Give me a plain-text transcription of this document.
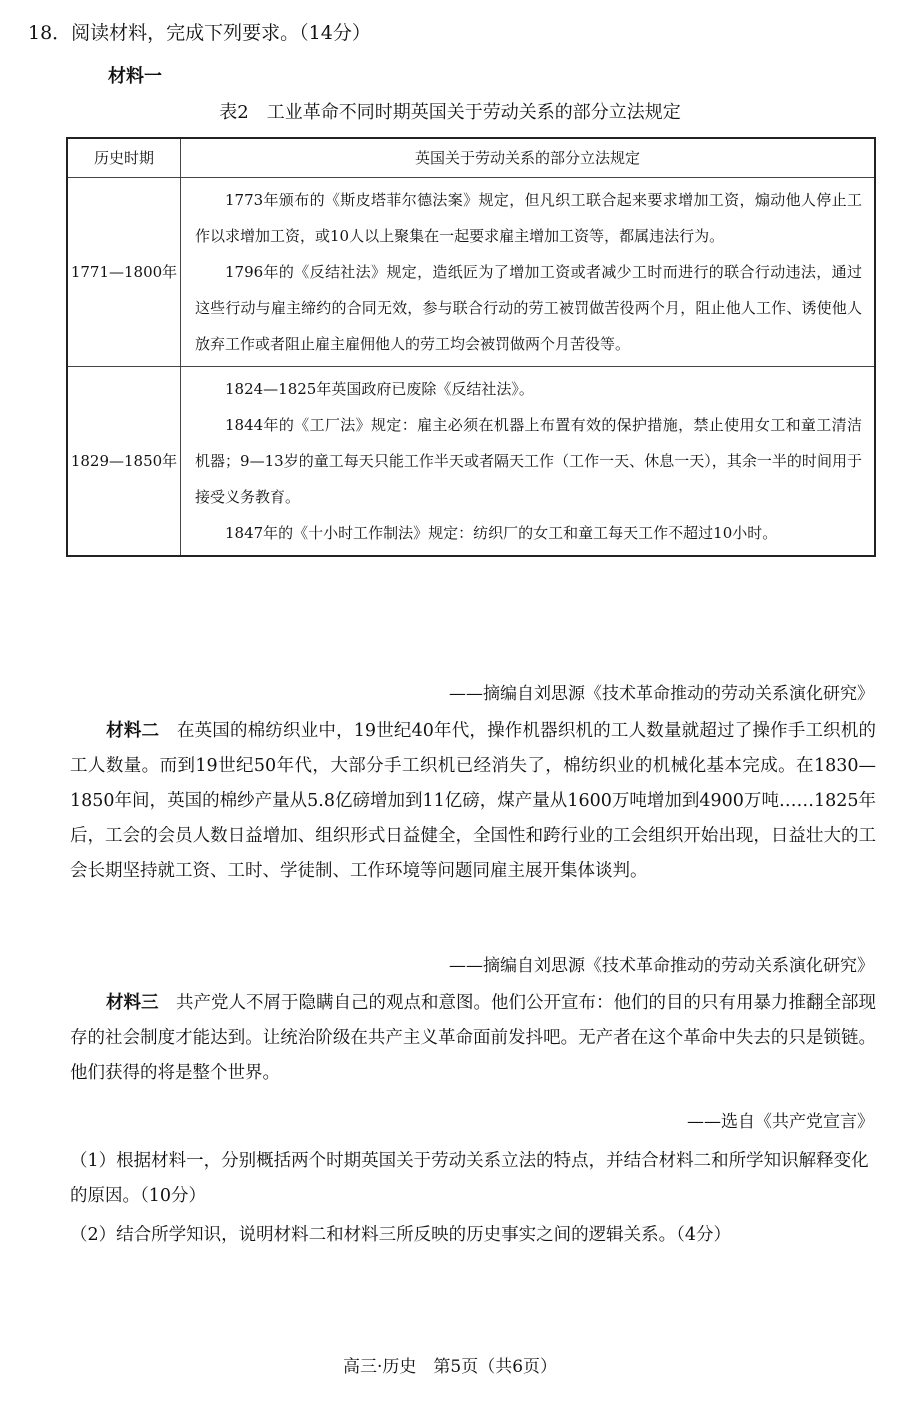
18．阅读材料，完成下列要求。（14分）
材料一
表2　工业革命不同时期英国关于劳动关系的部分立法规定
历史时期	英国关于劳动关系的部分立法规定
1771—1800年	1773年颁布的《斯皮塔菲尔德法案》规定，但凡织工联合起来要求增加工资，煽动他人停止工作以求增加工资，或10人以上聚集在一起要求雇主增加工资等，都属违法行为。

1796年的《反结社法》规定，造纸匠为了增加工资或者减少工时而进行的联合行动违法，通过这些行动与雇主缔约的合同无效，参与联合行动的劳工被罚做苦役两个月，阻止他人工作、诱使他人放弃工作或者阻止雇主雇佣他人的劳工均会被罚做两个月苦役等。

1829—1850年	1824—1825年英国政府已废除《反结社法》。

1844年的《工厂法》规定：雇主必须在机器上布置有效的保护措施，禁止使用女工和童工清洁机器；9—13岁的童工每天只能工作半天或者隔天工作（工作一天、休息一天），其余一半的时间用于接受义务教育。

1847年的《十小时工作制法》规定：纺织厂的女工和童工每天工作不超过10小时。

——摘编自刘思源《技术革命推动的劳动关系演化研究》
材料二　 在英国的棉纺织业中，19世纪40年代，操作机器织机的工人数量就超过了操作手工织机的工人数量。而到19世纪50年代，大部分手工织机已经消失了，棉纺织业的机械化基本完成。在1830—1850年间，英国的棉纱产量从5.8亿磅增加到11亿磅，煤产量从1600万吨增加到4900万吨……1825年后，工会的会员人数日益增加、组织形式日益健全，全国性和跨行业的工会组织开始出现，日益壮大的工会长期坚持就工资、工时、学徒制、工作环境等问题同雇主展开集体谈判。
——摘编自刘思源《技术革命推动的劳动关系演化研究》
材料三　 共产党人不屑于隐瞒自己的观点和意图。他们公开宣布：他们的目的只有用暴力推翻全部现存的社会制度才能达到。让统治阶级在共产主义革命面前发抖吧。无产者在这个革命中失去的只是锁链。他们获得的将是整个世界。
——选自《共产党宣言》
（1）根据材料一，分别概括两个时期英国关于劳动关系立法的特点，并结合材料二和所学知识解释变化的原因。（10分）
（2）结合所学知识，说明材料二和材料三所反映的历史事实之间的逻辑关系。（4分）
高三·历史　第5页（共6页）
